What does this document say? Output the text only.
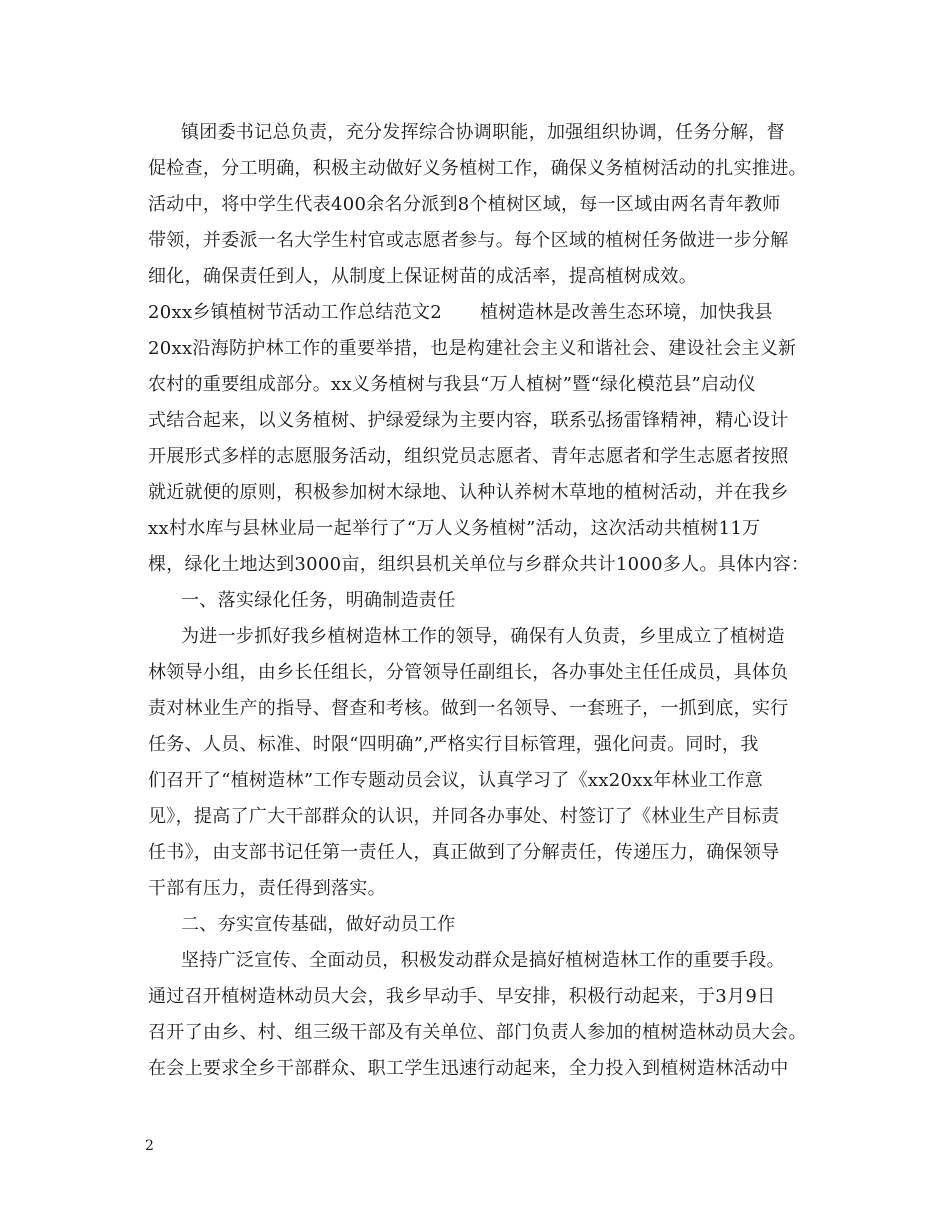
镇团委书记总负责，充分发挥综合协调职能，加强组织协调，任务分解，督
促检查，分工明确，积极主动做好义务植树工作，确保义务植树活动的扎实推进。
活动中，将中学生代表400余名分派到8个植树区域，每一区域由两名青年教师
带领，并委派一名大学生村官或志愿者参与。每个区域的植树任务做进一步分解
细化，确保责任到人，从制度上保证树苗的成活率，提高植树成效。
20xx乡镇植树节活动工作总结范文2 植树造林是改善生态环境，加快我县
20xx沿海防护林工作的重要举措，也是构建社会主义和谐社会、建设社会主义新
农村的重要组成部分。xx义务植树与我县“万人植树”暨“绿化模范县”启动仪
式结合起来，以义务植树、护绿爱绿为主要内容，联系弘扬雷锋精神，精心设计
开展形式多样的志愿服务活动，组织党员志愿者、青年志愿者和学生志愿者按照
就近就便的原则，积极参加树木绿地、认种认养树木草地的植树活动，并在我乡
xx村水库与县林业局一起举行了“万人义务植树”活动，这次活动共植树11万
棵，绿化土地达到3000亩，组织县机关单位与乡群众共计1000多人。具体内容：
一、落实绿化任务，明确制造责任
为进一步抓好我乡植树造林工作的领导，确保有人负责，乡里成立了植树造
林领导小组，由乡长任组长，分管领导任副组长，各办事处主任任成员，具体负
责对林业生产的指导、督查和考核。做到一名领导、一套班子，一抓到底，实行
任务、人员、标准、时限“四明确”,严格实行目标管理，强化问责。同时，我
们召开了“植树造林”工作专题动员会议，认真学习了《xx20xx年林业工作意
见》，提高了广大干部群众的认识，并同各办事处、村签订了《林业生产目标责
任书》，由支部书记任第一责任人，真正做到了分解责任，传递压力，确保领导
干部有压力，责任得到落实。
二、夯实宣传基础，做好动员工作
坚持广泛宣传、全面动员，积极发动群众是搞好植树造林工作的重要手段。
通过召开植树造林动员大会，我乡早动手、早安排，积极行动起来，于3月9日
召开了由乡、村、组三级干部及有关单位、部门负责人参加的植树造林动员大会。
在会上要求全乡干部群众、职工学生迅速行动起来，全力投入到植树造林活动中
2
